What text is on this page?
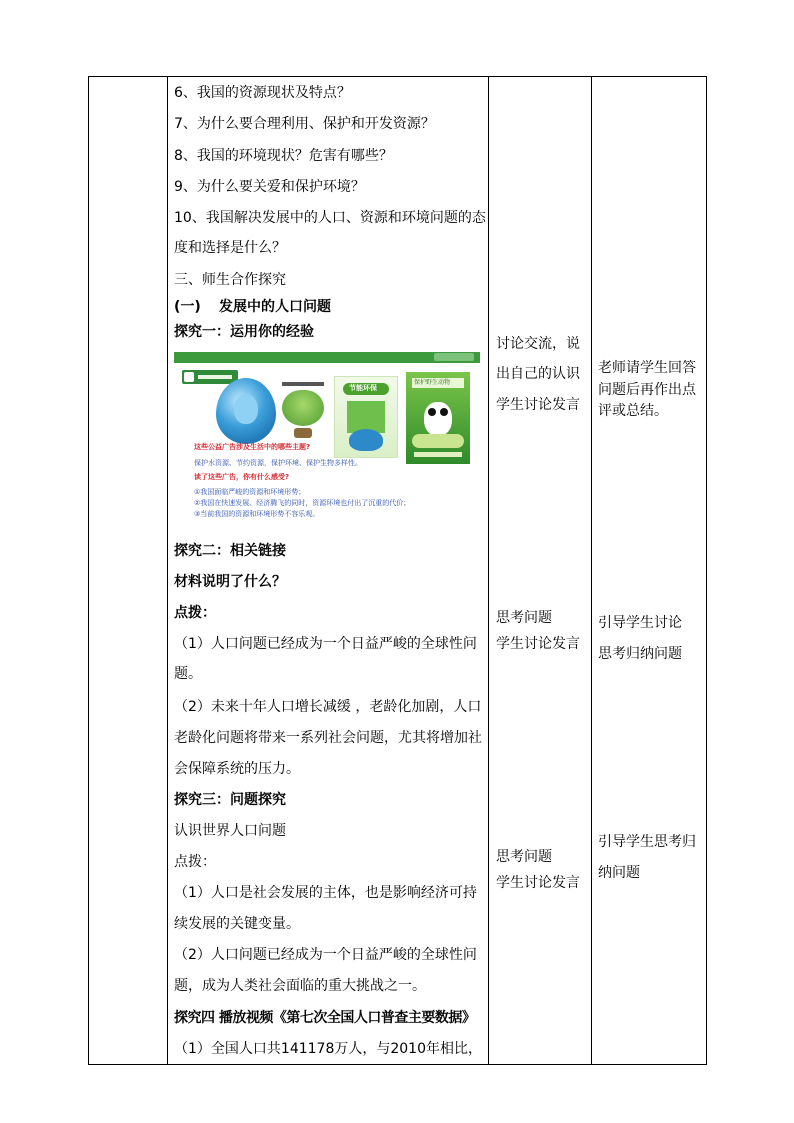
6、我国的资源现状及特点？

7、为什么要合理利用、保护和开发资源？

8、我国的环境现状？危害有哪些？

9、为什么要关爱和保护环境？

10、我国解决发展中的人口、资源和环境问题的态

度和选择是什么？

三、师生合作探究

(一)	发展中的人口问题

探究一：运用你的经验

节能环保
保护野生动物
这些公益广告涉及生活中的哪些主题?
保护水资源、节约资源，保护环境、保护生物多样性。
读了这些广告，你有什么感受?
①我国面临严峻的资源和环境形势；
②我国在快速发展、经济腾飞的同时，资源环境也付出了沉重的代价；
③当前我国的资源和环境形势不容乐观。

探究二：相关链接

材料说明了什么？

点拨：

（1）人口问题已经成为一个日益严峻的全球性问

题。

（2）未来十年人口增长减缓 ，老龄化加剧，人口

老龄化问题将带来一系列社会问题，尤其将增加社

会保障系统的压力。

探究三：问题探究

认识世界人口问题

点拨：

（1）人口是社会发展的主体，也是影响经济可持

续发展的关键变量。

（2）人口问题已经成为一个日益严峻的全球性问

题，成为人类社会面临的重大挑战之一。

探究四 播放视频《第七次全国人口普查主要数据》

（1）全国人口共141178万人，与2010年相比，

讨论交流，说

出自己的认识

学生讨论发言

思考问题

学生讨论发言

思考问题

学生讨论发言

老师请学生回答

问题后再作出点

评或总结。

引导学生讨论

思考归纳问题

引导学生思考归

纳问题
